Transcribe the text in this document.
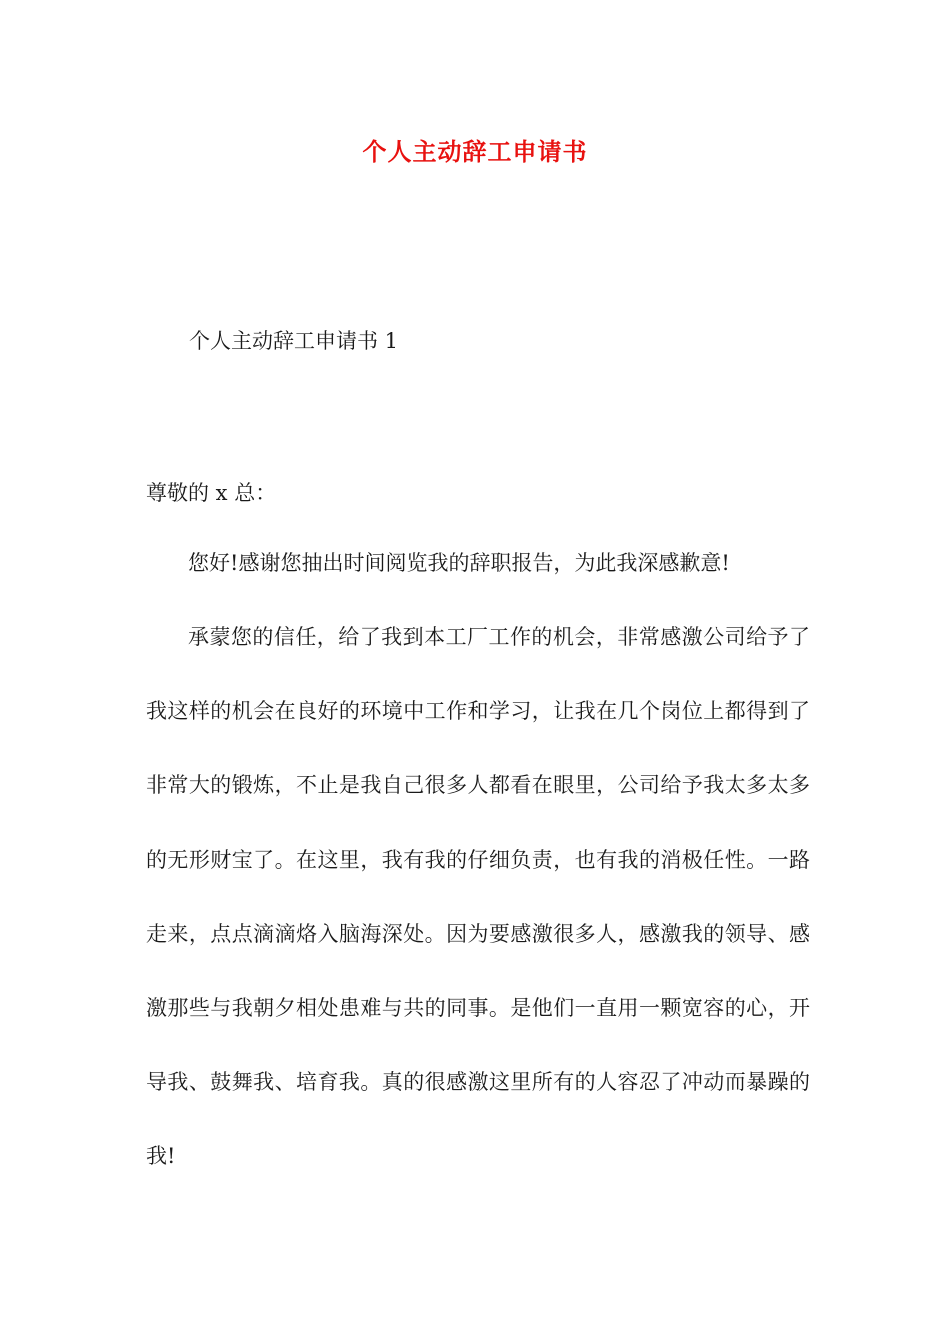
个人主动辞工申请书
个人主动辞工申请书 1
尊敬的 x 总：

您好!感谢您抽出时间阅览我的辞职报告，为此我深感歉意!

承蒙您的信任，给了我到本工厂工作的机会，非常感激公司给予了我这样的机会在良好的环境中工作和学习，让我在几个岗位上都得到了非常大的锻炼，不止是我自己很多人都看在眼里，公司给予我太多太多的无形财宝了。在这里，我有我的仔细负责，也有我的消极任性。一路走来，点点滴滴烙入脑海深处。因为要感激很多人，感激我的领导、感激那些与我朝夕相处患难与共的同事。是他们一直用一颗宽容的心，开导我、鼓舞我、培育我。真的很感激这里所有的人容忍了冲动而暴躁的我!
